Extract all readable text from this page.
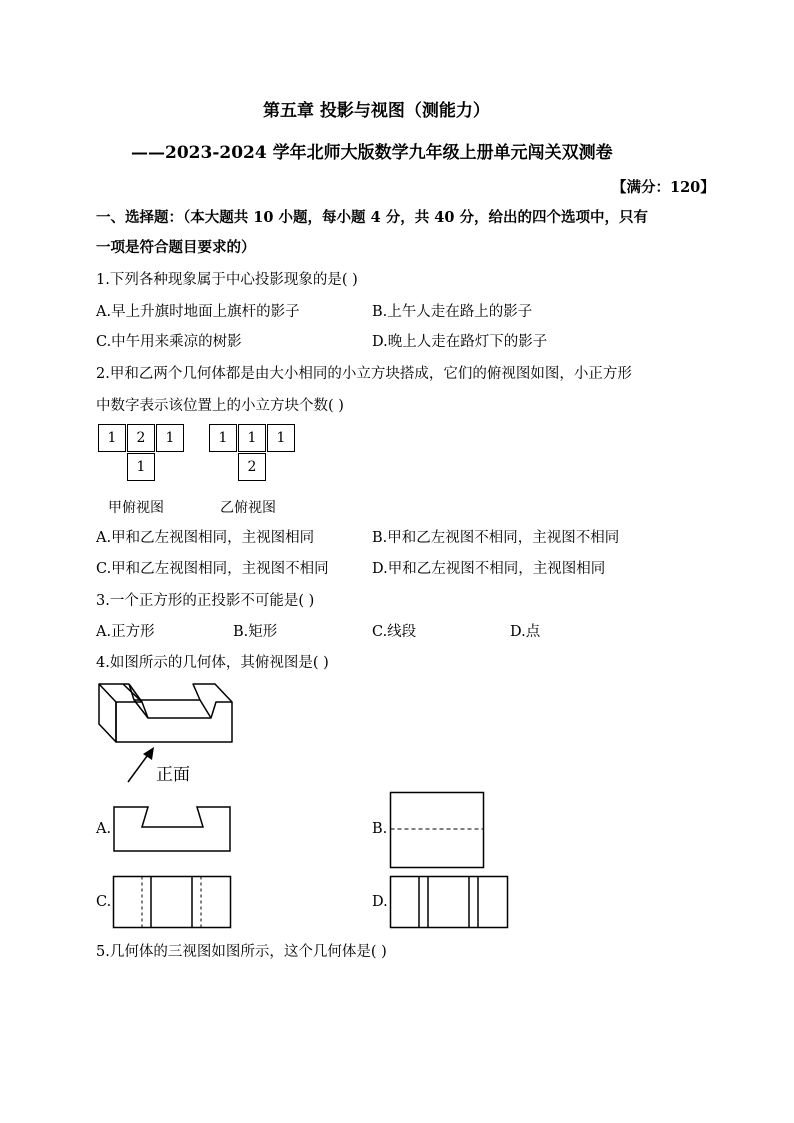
第五章 投影与视图（测能力）
——2023-2024 学年北师大版数学九年级上册单元闯关双测卷
【满分：120】
一、选择题：（本大题共 10 小题，每小题 4 分，共 40 分，给出的四个选项中，只有
一项是符合题目要求的）
1.下列各种现象属于中心投影现象的是( )
A.早上升旗时地面上旗杆的影子	B.上午人走在路上的影子
C.中午用来乘凉的树影	D.晚上人走在路灯下的影子
2.甲和乙两个几何体都是由大小相同的小立方块搭成，它们的俯视图如图，小正方形
中数字表示该位置上的小立方块个数( )
1	2	1
1
1	1	1
2
甲俯视图	乙俯视图
A.甲和乙左视图相同，主视图相同	B.甲和乙左视图不相同，主视图不相同
C.甲和乙左视图相同，主视图不相同	D.甲和乙左视图不相同，主视图相同
3.一个正方形的正投影不可能是( )
A.正方形	B.矩形	C.线段	D.点
4.如图所示的几何体，其俯视图是( )
正面
A.	B.
C.	D.
5.几何体的三视图如图所示，这个几何体是( )
